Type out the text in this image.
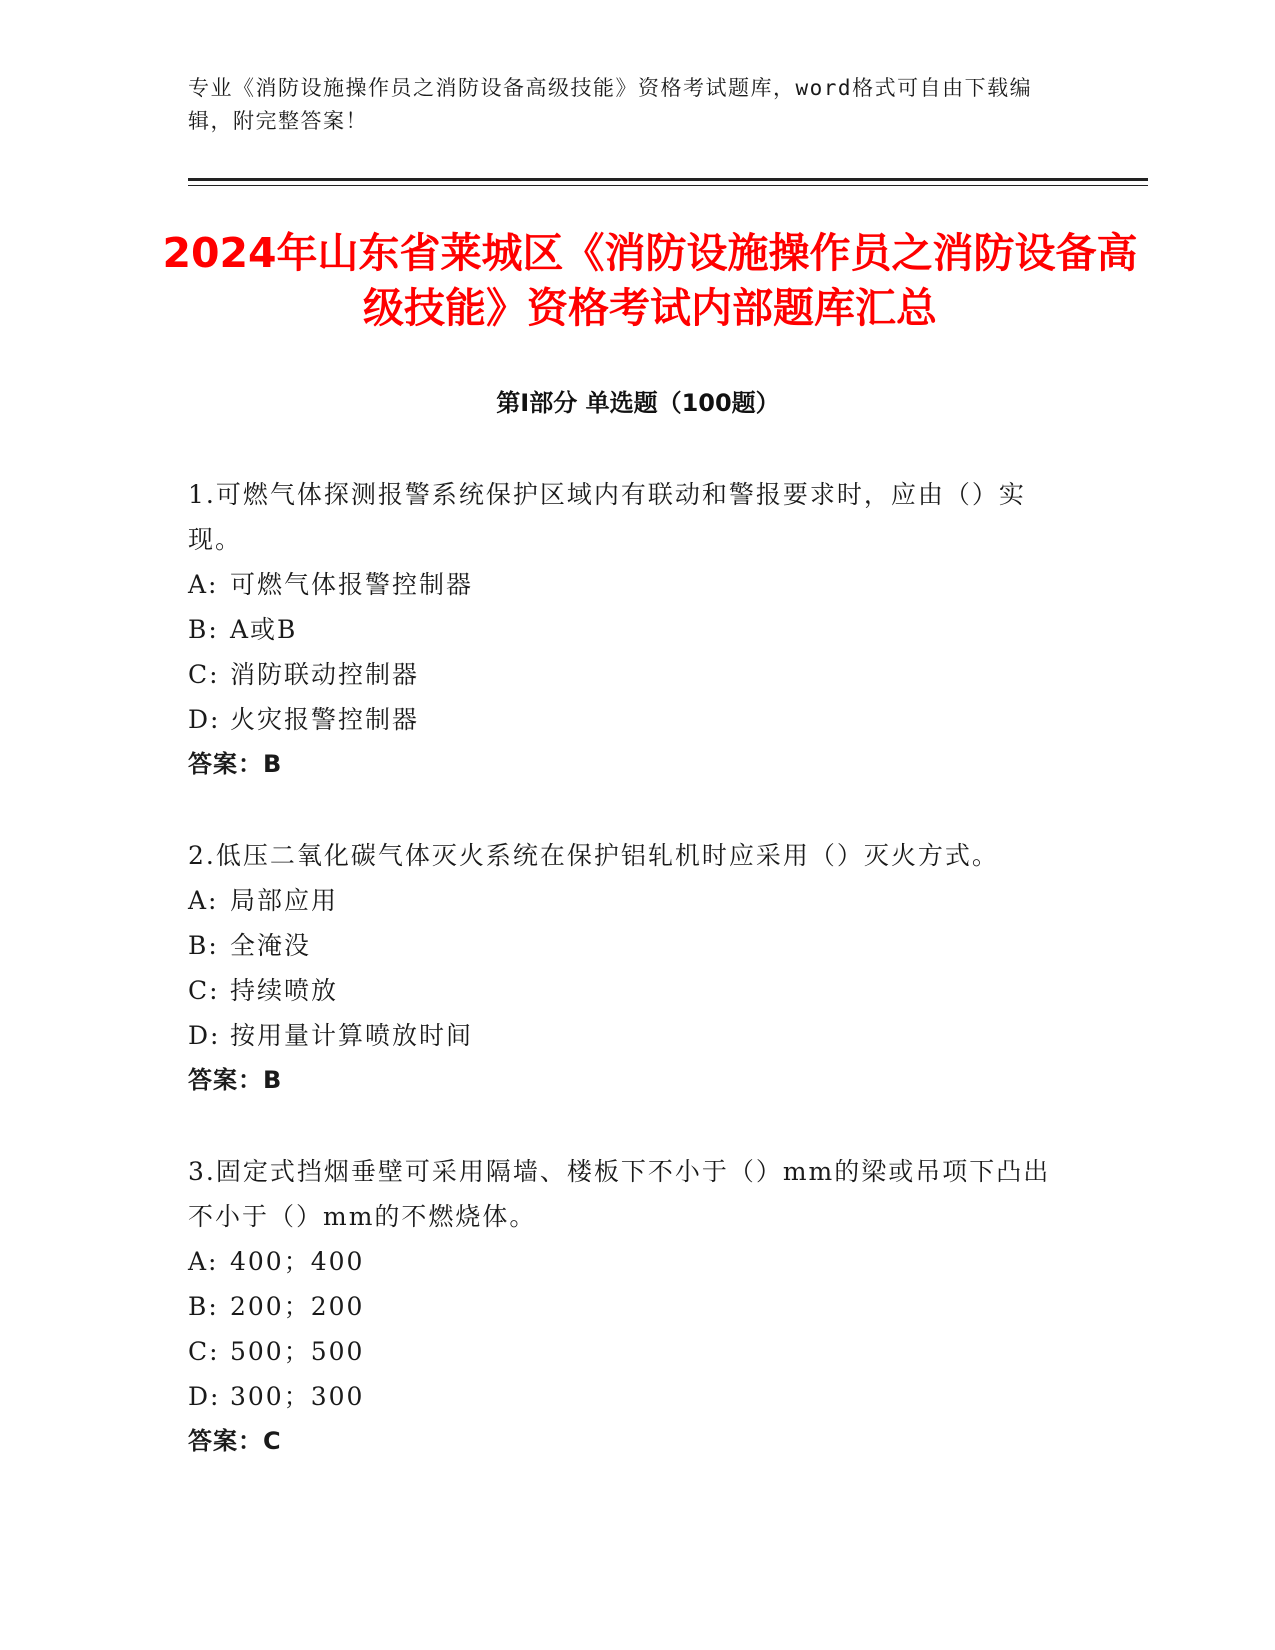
专业《消防设施操作员之消防设备高级技能》资格考试题库，word格式可自由下载编辑，附完整答案！
2024年山东省莱城区《消防设施操作员之消防设备高级技能》资格考试内部题库汇总
第Ⅰ部分 单选题（100题）
1.可燃气体探测报警系统保护区域内有联动和警报要求时，应由（）实现。
A: 可燃气体报警控制器
B: A或B
C: 消防联动控制器
D: 火灾报警控制器
答案：B
2.低压二氧化碳气体灭火系统在保护铝轧机时应采用（）灭火方式。
A: 局部应用
B: 全淹没
C: 持续喷放
D: 按用量计算喷放时间
答案：B
3.固定式挡烟垂壁可采用隔墙、楼板下不小于（）mm的梁或吊项下凸出不小于（）mm的不燃烧体。
A: 400；400
B: 200；200
C: 500；500
D: 300；300
答案：C
